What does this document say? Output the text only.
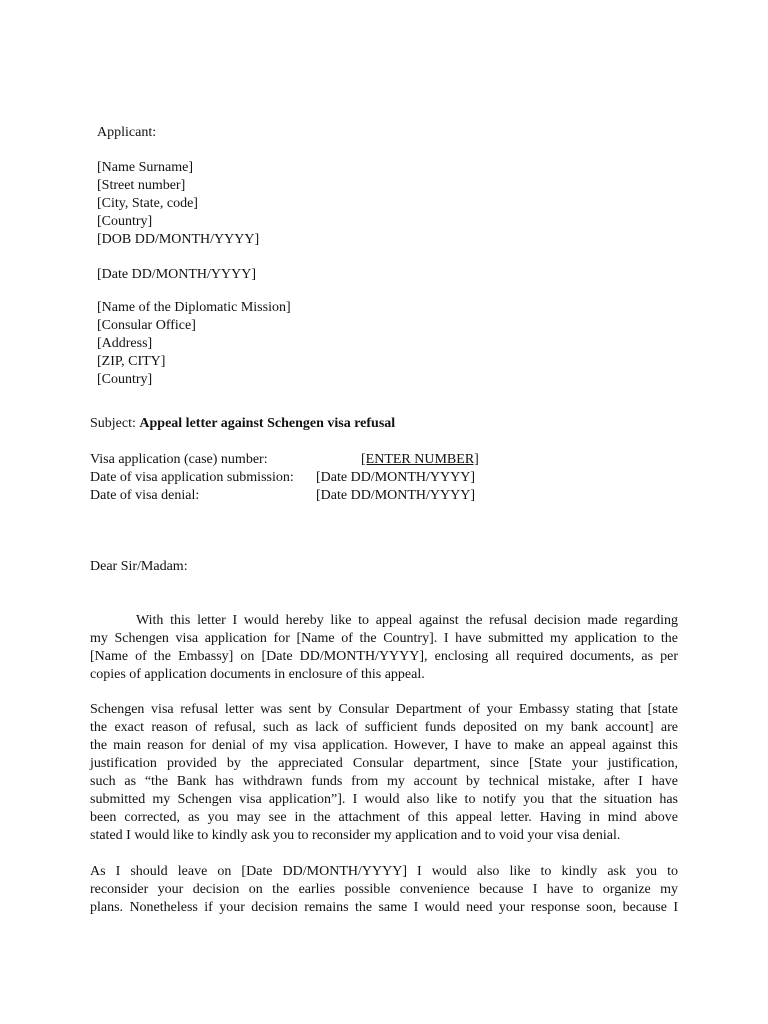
Applicant:
[Name Surname]
[Street number]
[City, State, code]
[Country]
[DOB DD/MONTH/YYYY]
[Date DD/MONTH/YYYY]
[Name of the Diplomatic Mission]
[Consular Office]
[Address]
[ZIP, CITY]
[Country]
Subject: Appeal letter against Schengen visa refusal
Visa application (case) number:	[ENTER NUMBER]
Date of visa application submission: [Date DD/MONTH/YYYY]
Date of visa denial:	[Date DD/MONTH/YYYY]
Dear Sir/Madam:
With this letter I would hereby like to appeal against the refusal decision made regarding
my Schengen visa application for [Name of the Country]. I have submitted my application to the
[Name of the Embassy] on [Date DD/MONTH/YYYY], enclosing all required documents, as per
copies of application documents in enclosure of this appeal.
Schengen visa refusal letter was sent by Consular Department of your Embassy stating that [state
the exact reason of refusal, such as lack of sufficient funds deposited on my bank account] are
the main reason for denial of my visa application. However, I have to make an appeal against this
justification provided by the appreciated Consular department, since [State your justification,
such as “the Bank has withdrawn funds from my account by technical mistake, after I have
submitted my Schengen visa application”]. I would also like to notify you that the situation has
been corrected, as you may see in the attachment of this appeal letter. Having in mind above
stated I would like to kindly ask you to reconsider my application and to void your visa denial.
As I should leave on [Date DD/MONTH/YYYY] I would also like to kindly ask you to
reconsider your decision on the earlies possible convenience because I have to organize my
plans. Nonetheless if your decision remains the same I would need your response soon, because I
